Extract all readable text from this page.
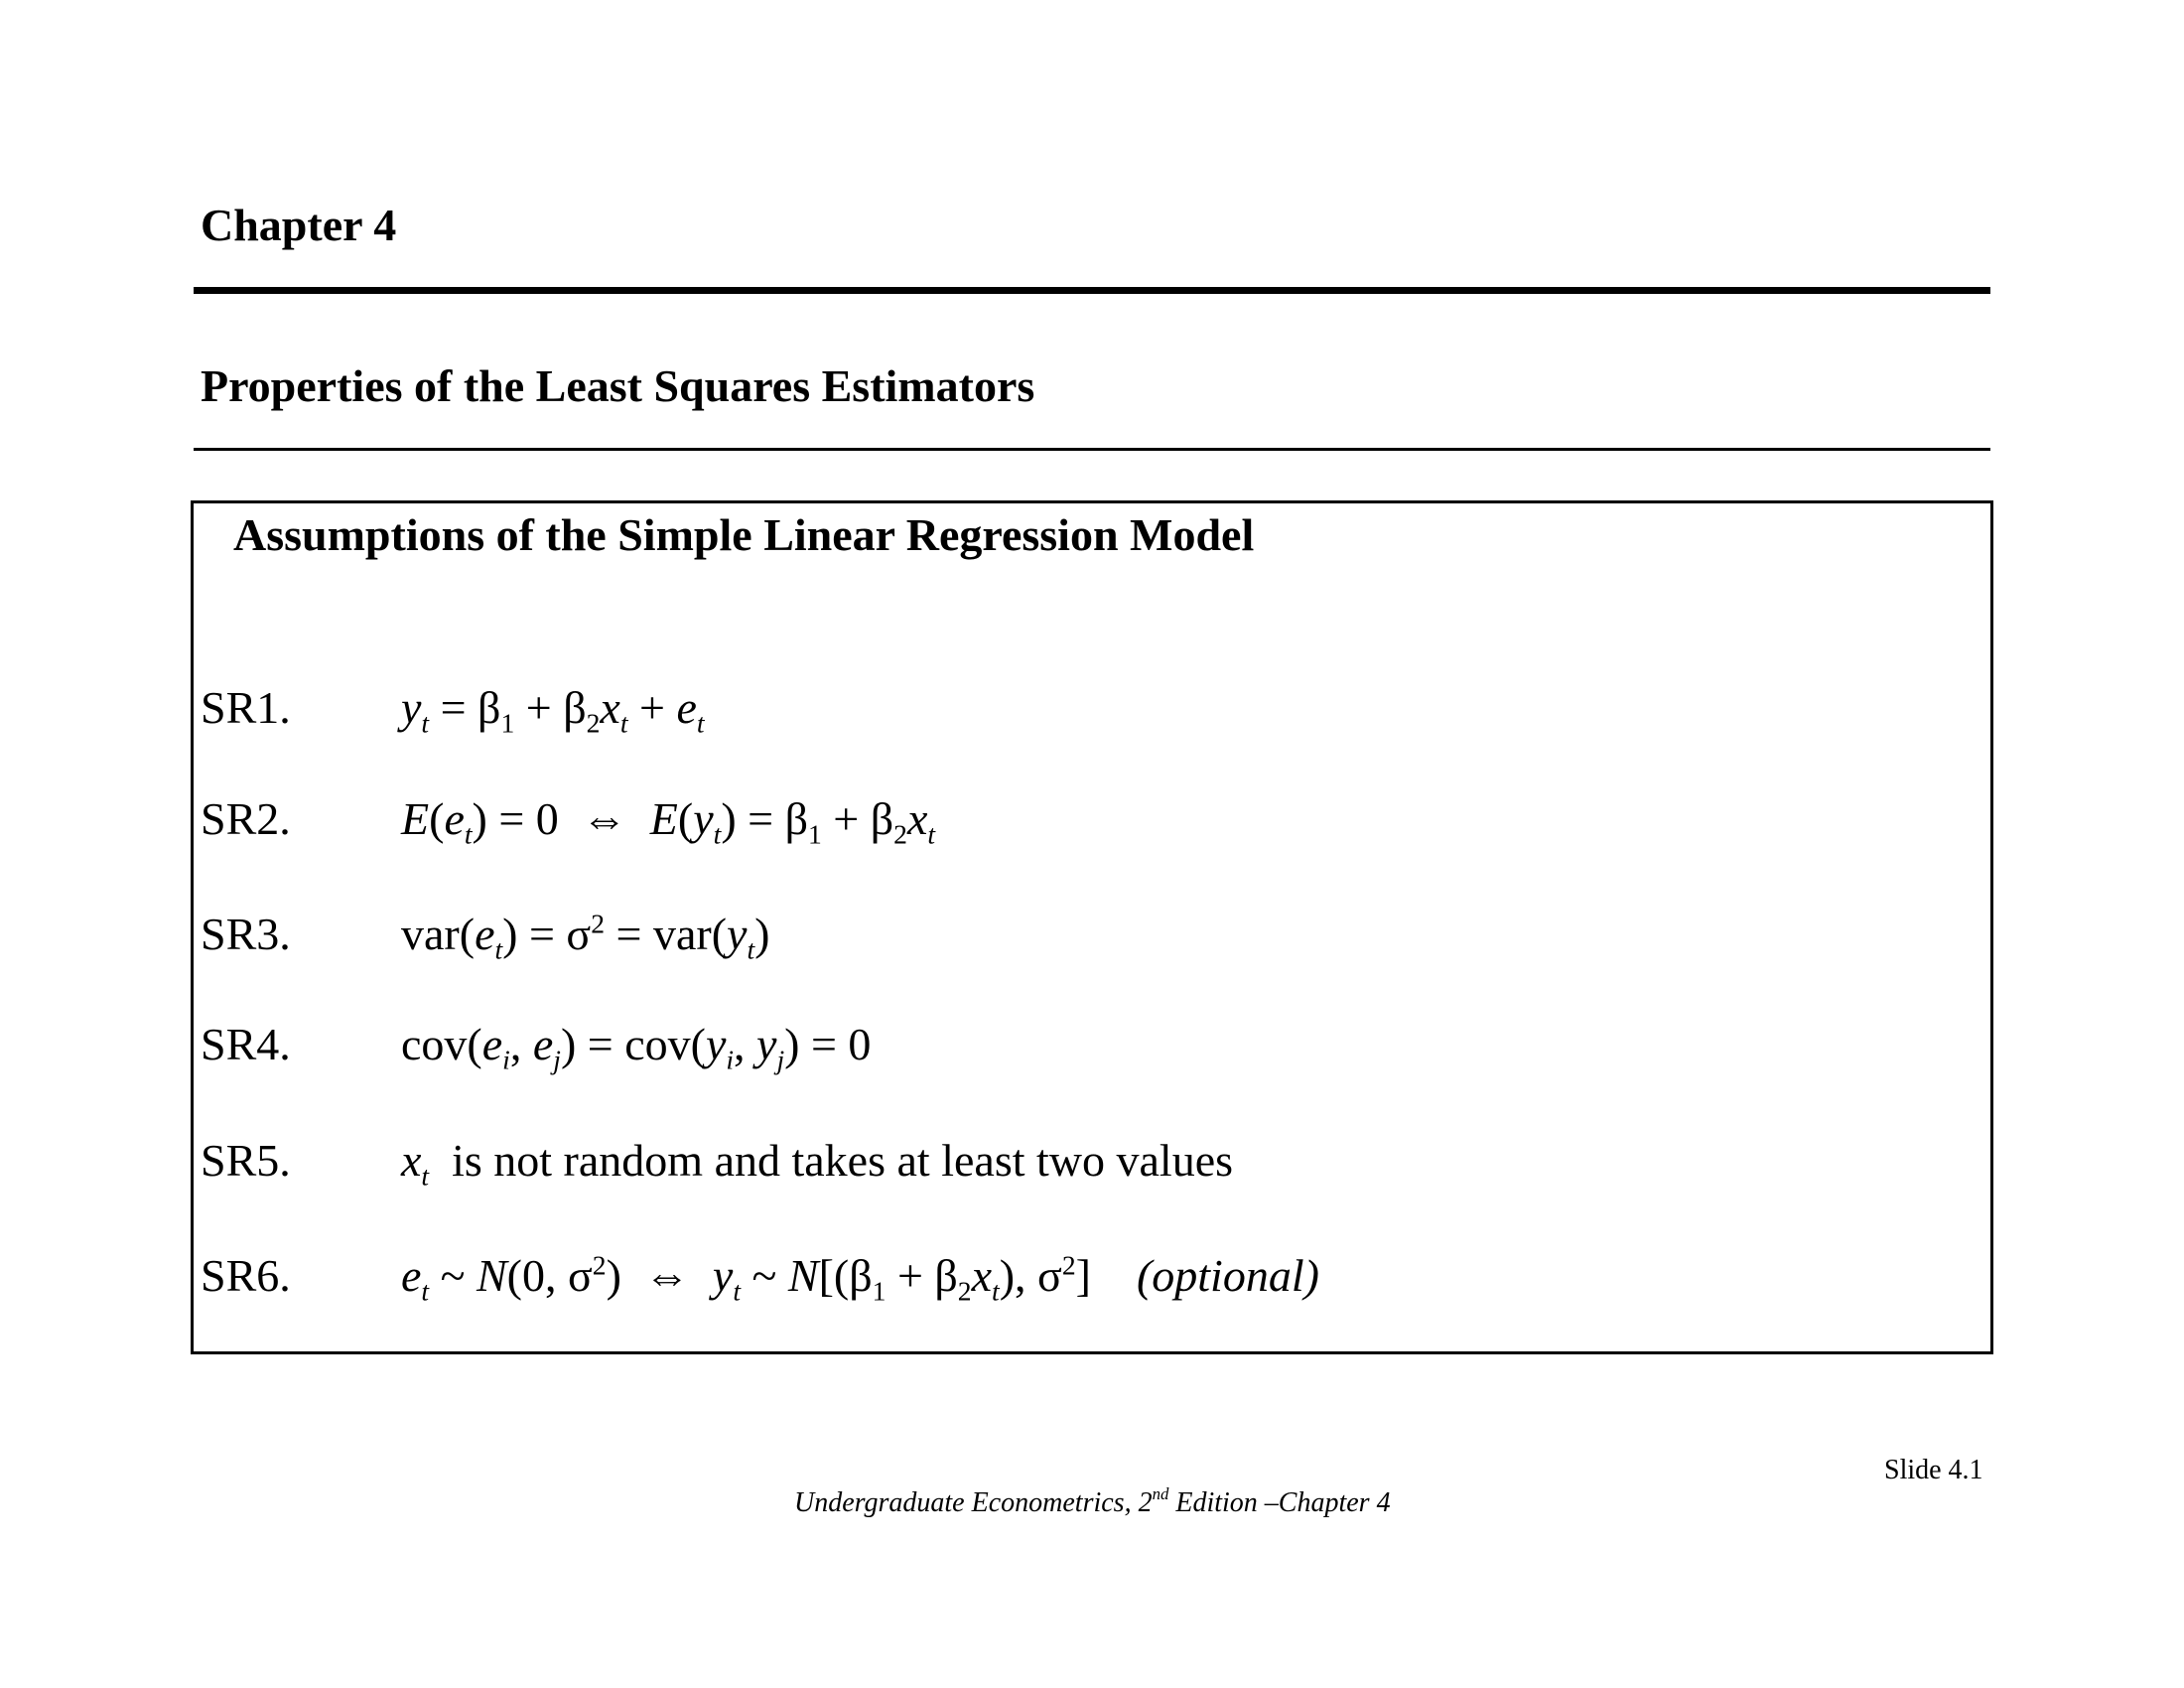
Chapter 4
Properties of the Least Squares Estimators
Assumptions of the Simple Linear Regression Model
SR1. $y_t = \beta_1 + \beta_2x_t + e_t$
SR2. $E(e_t) = 0$  ⇔  $E(y_t) = \beta_1 + \beta_2x_t$
SR3. $var(e_t) = \sigma^2 = var(y_t)$
SR4. $cov(e_i$, $e_j) = cov(y_i$, $y_j) = 0$
SR5. $x_t$ is not random and takes at least two values
SR6. $e_t$ ~ N(0, $\sigma^2$)  ⇔  $y_t$ ~ $N[(\beta_1 + \beta_2x_t)$, $\sigma^2$]    (optional)
Slide 4.1
Undergraduate Econometrics, 2nd Edition –Chapter 4
